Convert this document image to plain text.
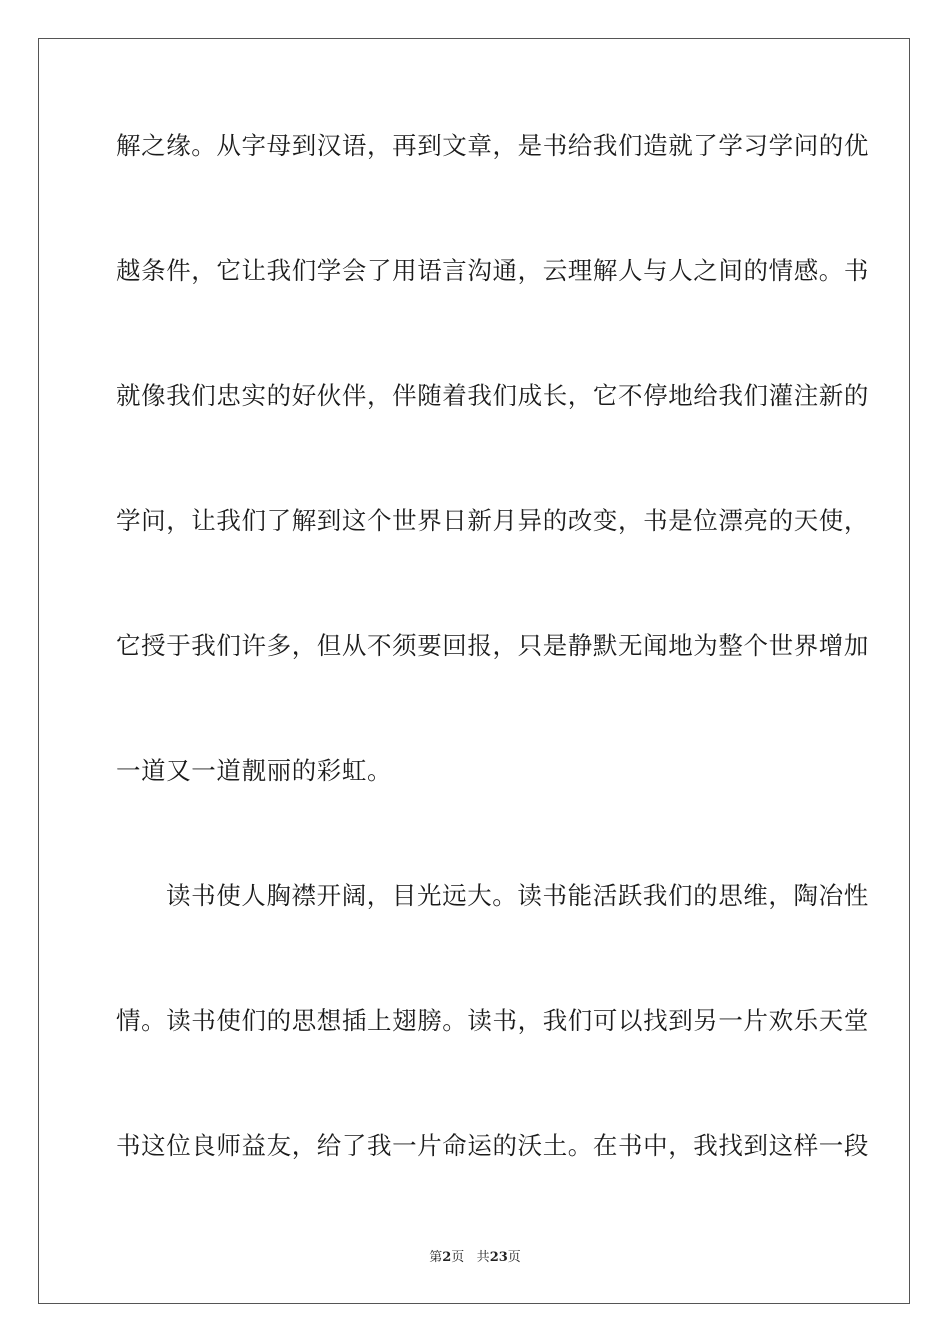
解之缘。从字母到汉语，再到文章，是书给我们造就了学习学问的优
越条件，它让我们学会了用语言沟通，云理解人与人之间的情感。书
就像我们忠实的好伙伴，伴随着我们成长，它不停地给我们灌注新的
学问，让我们了解到这个世界日新月异的改变，书是位漂亮的天使，
它授于我们许多，但从不须要回报，只是静默无闻地为整个世界增加
一道又一道靓丽的彩虹。
读书使人胸襟开阔，目光远大。读书能活跃我们的思维，陶冶性
情。读书使们的思想插上翅膀。读书，我们可以找到另一片欢乐天堂
书这位良师益友，给了我一片命运的沃土。在书中，我找到这样一段
第2页 共23页
